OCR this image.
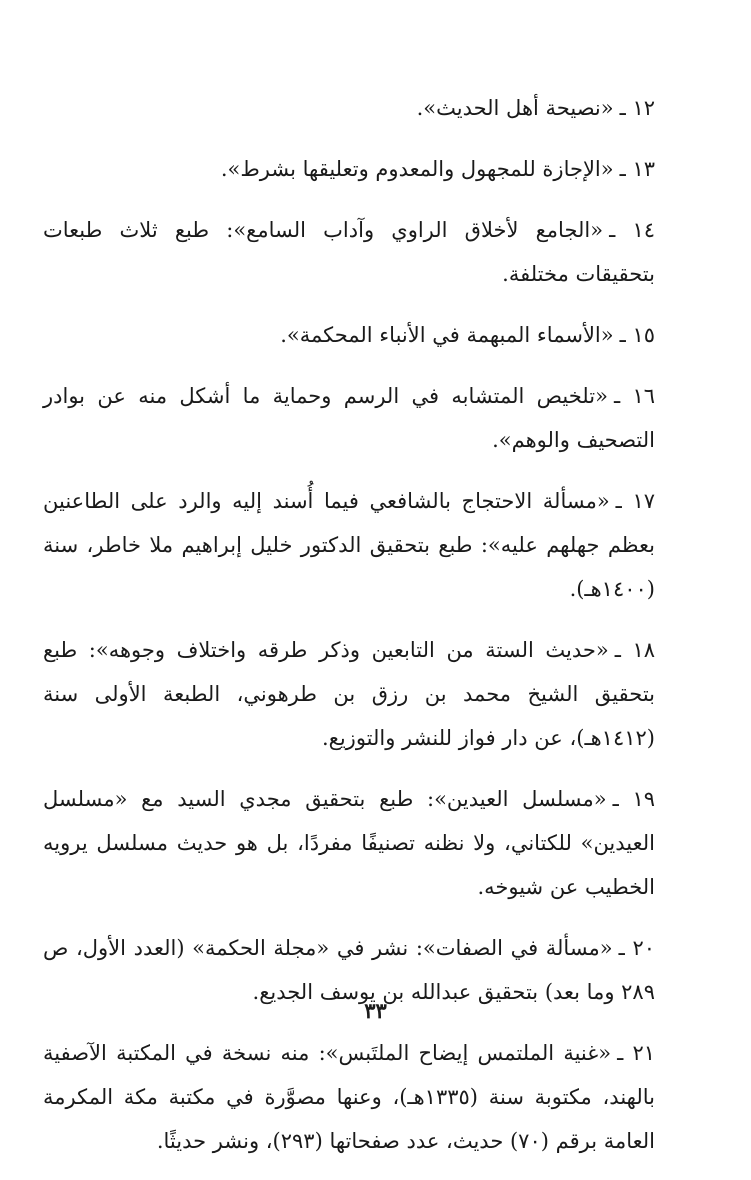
١٢ ـ«نصيحة أهل الحديث».

١٣ ـ«الإجازة للمجهول والمعدوم وتعليقها بشرط».

١٤ ـ«الجامع لأخلاق الراوي وآداب السامع»: طبع ثلاث طبعات بتحقيقات مختلفة.

١٥ ـ«الأسماء المبهمة في الأنباء المحكمة».

١٦ ـ«تلخيص المتشابه في الرسم وحماية ما أشكل منه عن بوادر التصحيف والوهم».

١٧ ـ«مسألة الاحتجاج بالشافعي فيما أُسند إليه والرد على الطاعنين بعظم جهلهم عليه»: طبع بتحقيق الدكتور خليل إبراهيم ملا خاطر، سنة (١٤٠٠هـ).

١٨ ـ«حديث الستة من التابعين وذكر طرقه واختلاف وجوهه»: طبع بتحقيق الشيخ محمد بن رزق بن طرهوني، الطبعة الأولى سنة (١٤١٢هـ)، عن دار فواز للنشر والتوزيع.

١٩ ـ«مسلسل العيدين»: طبع بتحقيق مجدي السيد مع «مسلسل العيدين» للكتاني، ولا نظنه تصنيفًا مفردًا، بل هو حديث مسلسل يرويه الخطيب عن شيوخه.

٢٠ ـ«مسألة في الصفات»: نشر في «مجلة الحكمة» (العدد الأول، ص ٢٨٩ وما بعد) بتحقيق عبدالله بن يوسف الجديع.

٢١ ـ«غنية الملتمس إيضاح الملتَبس»: منه نسخة في المكتبة الآصفية بالهند، مكتوبة سنة (١٣٣٥هـ)، وعنها مصوَّرة في مكتبة مكة المكرمة العامة برقم (٧٠) حديث، عدد صفحاتها (٢٩٣)، ونشر حديثًا.

٣٣
